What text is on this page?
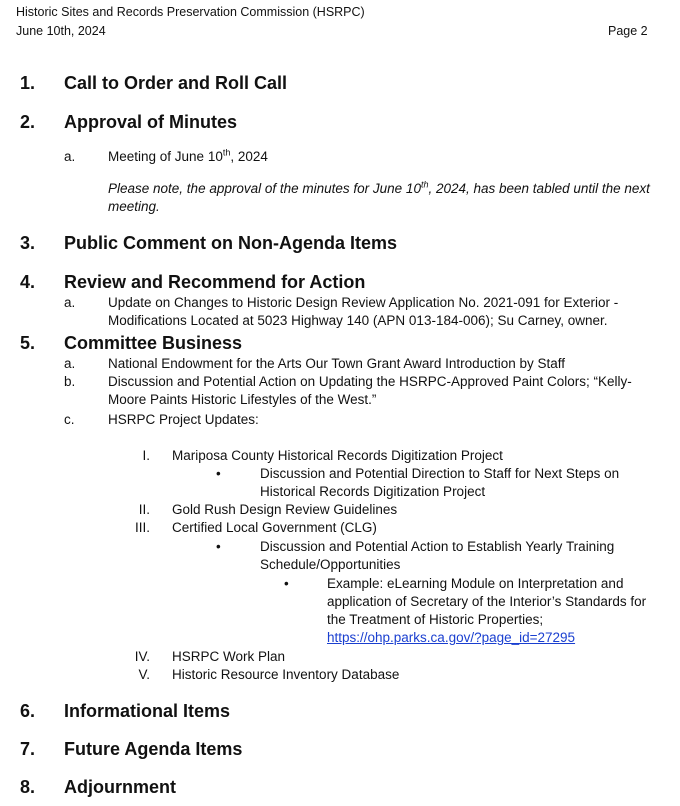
Historic Sites and Records Preservation Commission (HSRPC)
June 10th, 2024	Page 2
1. Call to Order and Roll Call
2. Approval of Minutes
a. Meeting of June 10th, 2024
Please note, the approval of the minutes for June 10th, 2024, has been tabled until the next
meeting.
3. Public Comment on Non-Agenda Items
4. Review and Recommend for Action
a. Update on Changes to Historic Design Review Application No. 2021-091 for Exterior -
Modifications Located at 5023 Highway 140 (APN 013-184-006); Su Carney, owner.
5. Committee Business
a. National Endowment for the Arts Our Town Grant Award Introduction by Staff
b. Discussion and Potential Action on Updating the HSRPC-Approved Paint Colors; “Kelly-
Moore Paints Historic Lifestyles of the West.”
c. HSRPC Project Updates:
I. Mariposa County Historical Records Digitization Project
•	Discussion and Potential Direction to Staff for Next Steps on
Historical Records Digitization Project
II. Gold Rush Design Review Guidelines
III. Certified Local Government (CLG)
•	Discussion and Potential Action to Establish Yearly Training
Schedule/Opportunities
•	Example: eLearning Module on Interpretation and
application of Secretary of the Interior’s Standards for
the Treatment of Historic Properties;
https://ohp.parks.ca.gov/?page_id=27295
IV. HSRPC Work Plan
V. Historic Resource Inventory Database
6. Informational Items
7. Future Agenda Items
8. Adjournment
